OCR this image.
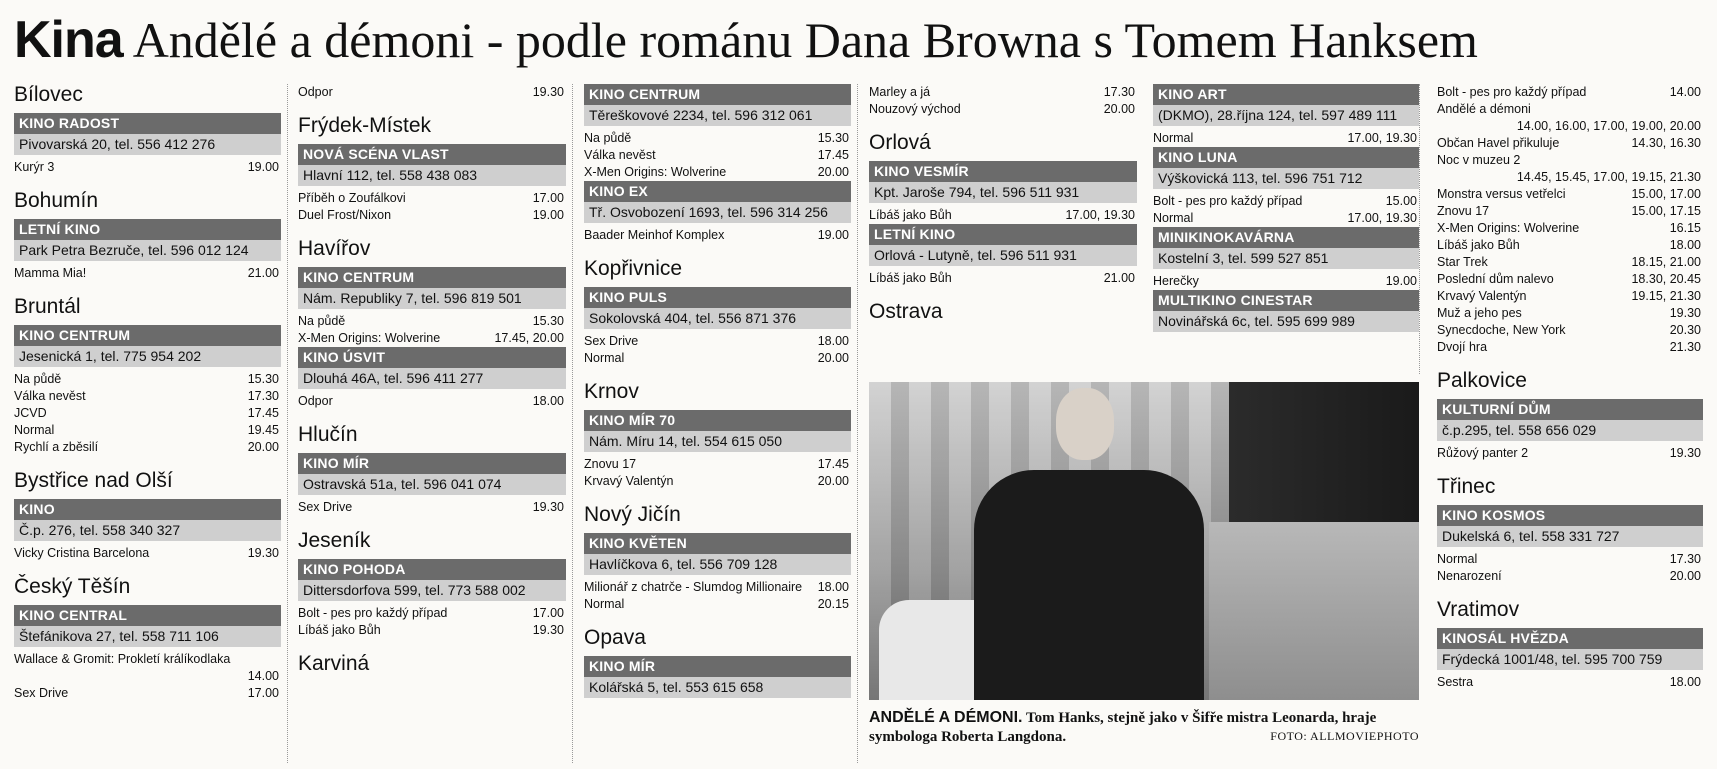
Kina Andělé a démoni - podle románu Dana Browna s Tomem Hanksem
Bílovec
KINO RADOST
Pivovarská 20, tel. 556 412 276
Kurýr 3	19.00
Bohumín
LETNÍ KINO
Park Petra Bezruče, tel. 596 012 124
Mamma Mia!	21.00
Bruntál
KINO CENTRUM
Jesenická 1, tel. 775 954 202
Na půdě	15.30
Válka nevěst	17.30
JCVD	17.45
Normal	19.45
Rychlí a zběsilí	20.00
Bystřice nad Olší
KINO
Č.p. 276, tel. 558 340 327
Vicky Cristina Barcelona	19.30
Český Těšín
KINO CENTRAL
Štefánikova 27, tel. 558 711 106
Wallace & Gromit: Prokletí králíkodlaka
14.00
Sex Drive	17.00
Odpor	19.30
Frýdek-Místek
NOVÁ SCÉNA VLAST
Hlavní 112, tel. 558 438 083
Příběh o Zoufálkovi	17.00
Duel Frost/Nixon	19.00
Havířov
KINO CENTRUM
Nám. Republiky 7, tel. 596 819 501
Na půdě	15.30
X-Men Origins: Wolverine	17.45, 20.00
KINO ÚSVIT
Dlouhá 46A, tel. 596 411 277
Odpor	18.00
Hlučín
KINO MÍR
Ostravská 51a, tel. 596 041 074
Sex Drive	19.30
Jeseník
KINO POHODA
Dittersdorfova 599, tel. 773 588 002
Bolt - pes pro každý případ	17.00
Líbáš jako Bůh	19.30
Karviná
KINO CENTRUM
Těreškovové 2234, tel. 596 312 061
Na půdě	15.30
Válka nevěst	17.45
X-Men Origins: Wolverine	20.00
KINO EX
Tř. Osvobození 1693, tel. 596 314 256
Baader Meinhof Komplex	19.00
Kopřivnice
KINO PULS
Sokolovská 404, tel. 556 871 376
Sex Drive	18.00
Normal	20.00
Krnov
KINO MÍR 70
Nám. Míru 14, tel. 554 615 050
Znovu 17	17.45
Krvavý Valentýn	20.00
Nový Jičín
KINO KVĚTEN
Havlíčkova 6, tel. 556 709 128
Milionář z chatrče - Slumdog Millionaire 18.00
Normal	20.15
Opava
KINO MÍR
Kolářská 5, tel. 553 615 658
Marley a já	17.30
Nouzový východ	20.00
Orlová
KINO VESMÍR
Kpt. Jaroše 794, tel. 596 511 931
Líbáš jako Bůh	17.00, 19.30
LETNÍ KINO
Orlová - Lutyně, tel. 596 511 931
Líbáš jako Bůh	21.00
Ostrava
KINO ART
(DKMO), 28.října 124, tel. 597 489 111
Normal	17.00, 19.30
KINO LUNA
Výškovická 113, tel. 596 751 712
Bolt - pes pro každý případ	15.00
Normal	17.00, 19.30
MINIKINOKAVÁRNA
Kostelní 3, tel. 599 527 851
Herečky	19.00
MULTIKINO CINESTAR
Novinářská 6c, tel. 595 699 989
Bolt - pes pro každý případ	14.00
Andělé a démoni
14.00, 16.00, 17.00, 19.00, 20.00
Občan Havel přikuluje	14.30, 16.30
Noc v muzeu 2
14.45, 15.45, 17.00, 19.15, 21.30
Monstra versus vetřelci	15.00, 17.00
Znovu 17	15.00, 17.15
X-Men Origins: Wolverine	16.15
Líbáš jako Bůh	18.00
Star Trek	18.15, 21.00
Poslední dům nalevo	18.30, 20.45
Krvavý Valentýn	19.15, 21.30
Muž a jeho pes	19.30
Synecdoche, New York	20.30
Dvojí hra	21.30
Palkovice
KULTURNÍ DŮM
č.p.295, tel. 558 656 029
Růžový panter 2	19.30
Třinec
KINO KOSMOS
Dukelská 6, tel. 558 331 727
Normal	17.30
Nenarození	20.00
Vratimov
KINOSÁL HVĚZDA
Frýdecká 1001/48, tel. 595 700 759
Sestra	18.00
ANDĚLÉ A DÉMONI. Tom Hanks, stejně jako v Šifře mistra Leonarda, hraje symbologa Roberta Langdona.	FOTO: ALLMOVIEPHOTO
